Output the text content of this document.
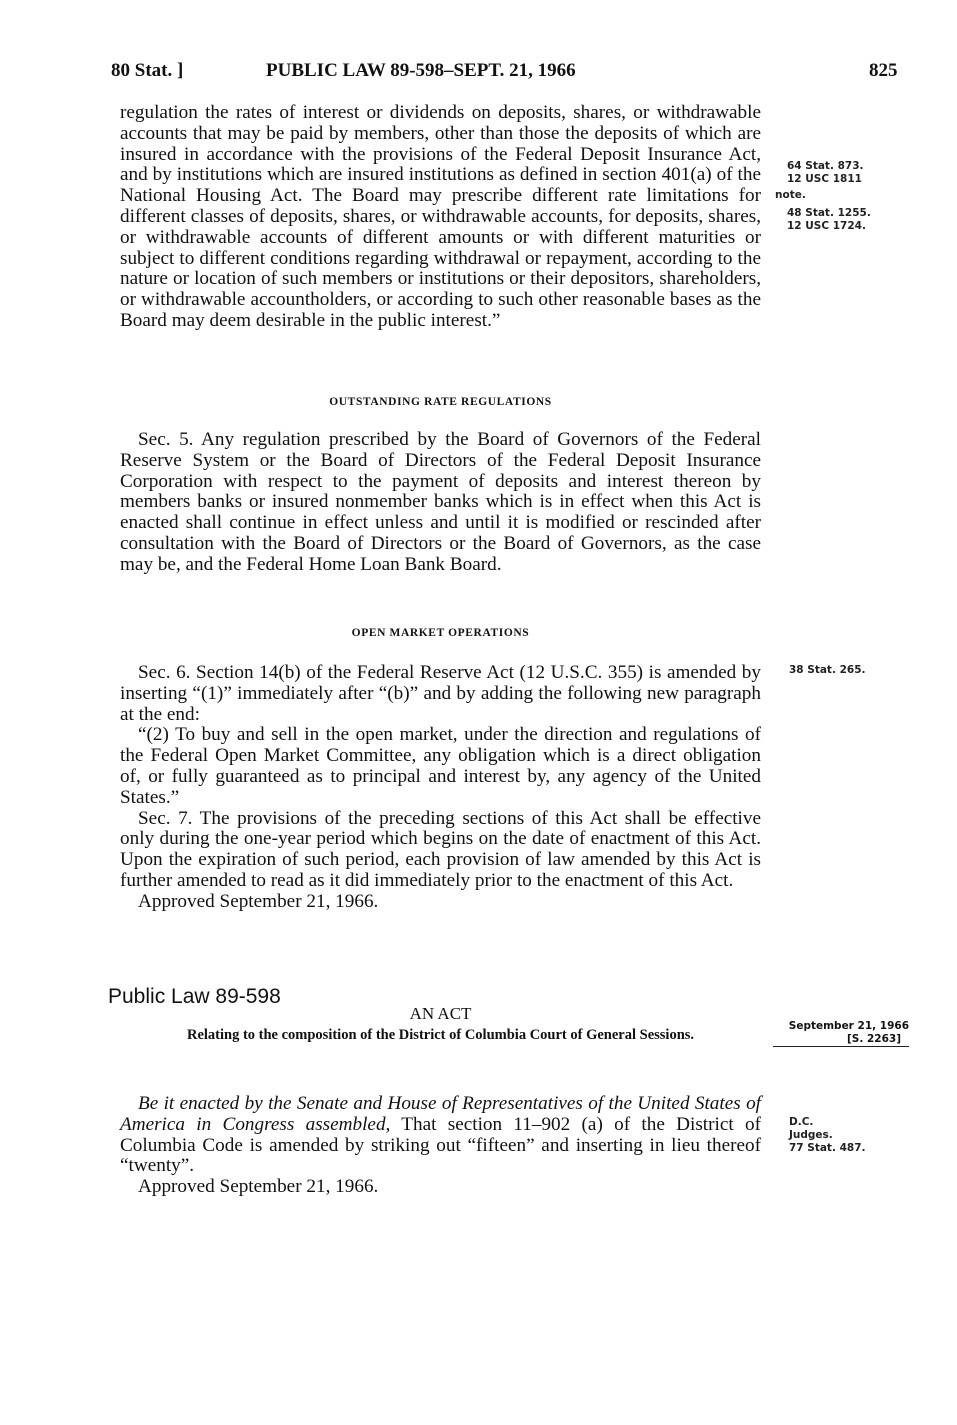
80 Stat. ]	PUBLIC LAW 89-598–SEPT. 21, 1966	825

regulation the rates of interest or dividends on deposits, shares, or withdrawable accounts that may be paid by members, other than those the deposits of which are insured in accordance with the provisions of the Federal Deposit Insurance Act, and by institutions which are insured institutions as defined in section 401(a) of the National Housing Act. The Board may prescribe different rate limitations for different classes of deposits, shares, or withdrawable accounts, for deposits, shares, or withdrawable accounts of different amounts or with different maturities or subject to different conditions regarding withdrawal or repayment, according to the nature or location of such members or institutions or their depositors, shareholders, or withdrawable accountholders, or according to such other reasonable bases as the Board may deem desirable in the public interest.”

OUTSTANDING RATE REGULATIONS

Sec. 5. Any regulation prescribed by the Board of Governors of the Federal Reserve System or the Board of Directors of the Federal Deposit Insurance Corporation with respect to the payment of deposits and interest thereon by members banks or insured nonmember banks which is in effect when this Act is enacted shall continue in effect unless and until it is modified or rescinded after consultation with the Board of Directors or the Board of Governors, as the case may be, and the Federal Home Loan Bank Board.

OPEN MARKET OPERATIONS

Sec. 6. Section 14(b) of the Federal Reserve Act (12 U.S.C. 355) is amended by inserting “(1)” immediately after “(b)” and by adding the following new paragraph at the end:

“(2) To buy and sell in the open market, under the direction and regulations of the Federal Open Market Committee, any obligation which is a direct obligation of, or fully guaranteed as to principal and interest by, any agency of the United States.”

Sec. 7. The provisions of the preceding sections of this Act shall be effective only during the one-year period which begins on the date of enactment of this Act. Upon the expiration of such period, each provision of law amended by this Act is further amended to read as it did immediately prior to the enactment of this Act.

Approved September 21, 1966.

Public Law 89-598
AN ACT
Relating to the composition of the District of Columbia Court of General Sessions.
September 21, 1966
[S. 2263]

Be it enacted by the Senate and House of Representatives of the United States of America in Congress assembled, That section 11–902 (a) of the District of Columbia Code is amended by striking out “fifteen” and inserting in lieu thereof “twenty”.

Approved September 21, 1966.

64 Stat. 873.
12 USC 1811
note.
48 Stat. 1255.
12 USC 1724.
38 Stat. 265.
D.C.
Judges.
77 Stat. 487.
